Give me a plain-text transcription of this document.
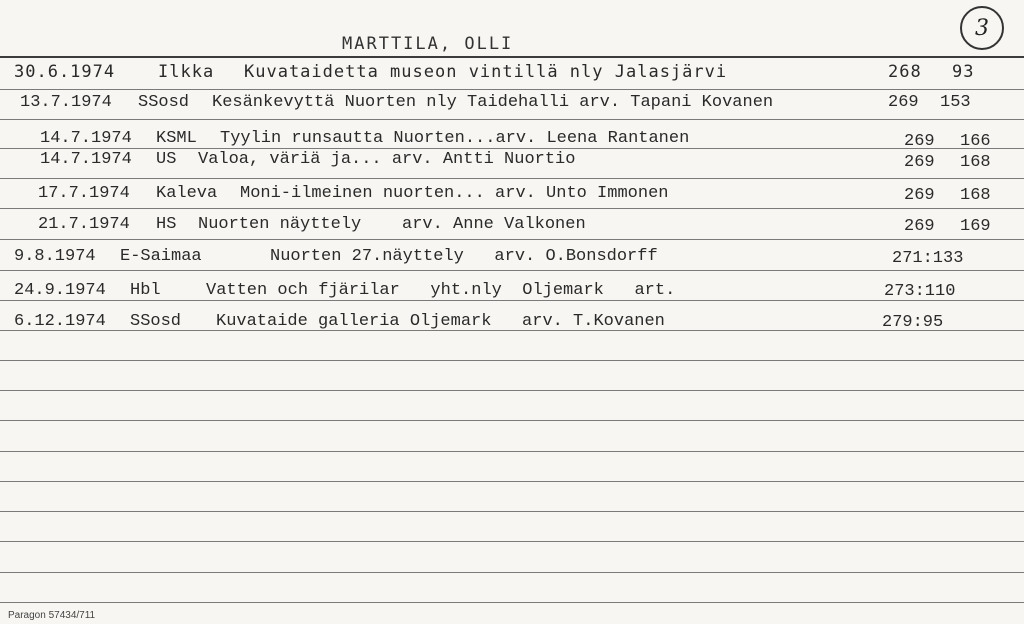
MARTTILA, OLLI
3
30.6.1974	Ilkka Kuvataidetta museon vintillä nly Jalasjärvi	268 93
13.7.1974 SSosd Kesänkevyttä Nuorten nly Taidehalli arv. Tapani Kovanen	269 153
14.7.1974 KSML Tyylin runsautta Nuorten...arv. Leena Rantanen	269 166
14.7.1974 US Valoa, väriä ja... arv. Antti Nuortio	269 168
17.7.1974 Kaleva Moni-ilmeinen nuorten... arv. Unto Immonen	269 168
21.7.1974 HS Nuorten näyttely    arv. Anne Valkonen	269 169
9.8.1974 E-Saimaa	Nuorten 27.näyttely   arv. O.Bonsdorff	271:133
24.9.1974 Hbl	Vatten och fjärilar   yht.nly  Oljemark   art.	273:110
6.12.1974 SSosd Kuvataide galleria Oljemark   arv. T.Kovanen	279:95
Paragon 57434/711
